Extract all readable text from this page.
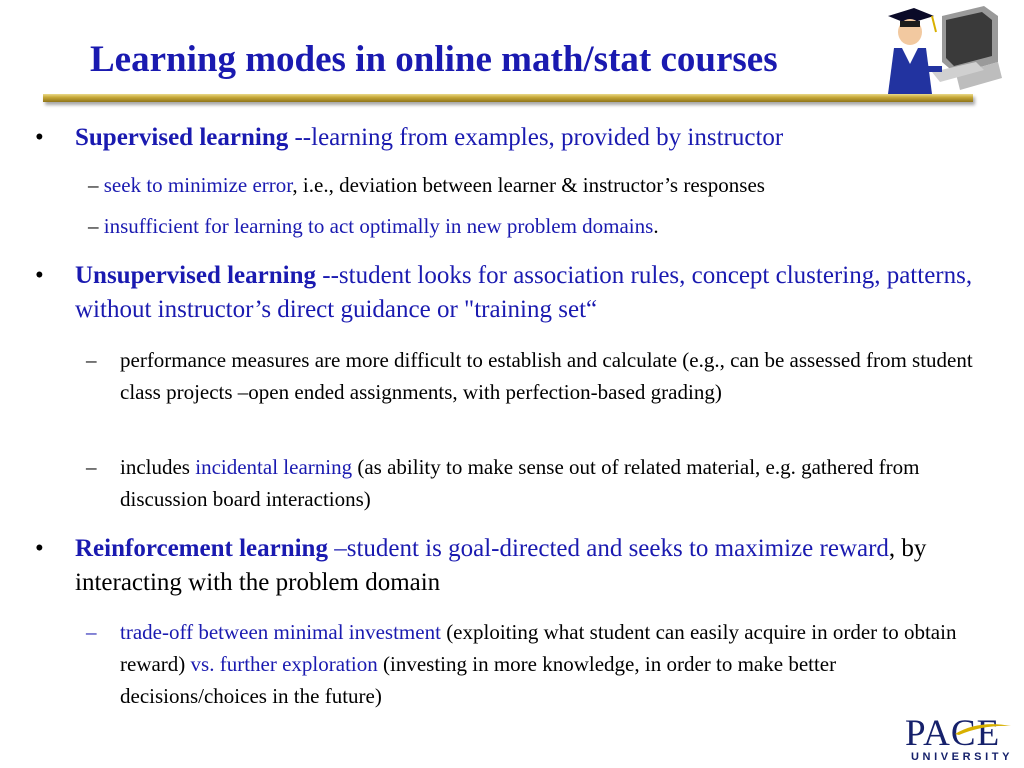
Learning modes in online math/stat courses
• Supervised learning --learning from examples, provided by instructor
– seek to minimize error, i.e., deviation between learner & instructor’s responses
– insufficient for learning to act optimally in new problem domains.
• Unsupervised learning --student looks for association rules, concept clustering, patterns, without instructor’s direct guidance or "training set“
– performance measures are more difficult to establish and calculate (e.g., can be assessed from student class projects –open ended assignments, with perfection-based grading)
– includes incidental learning (as ability to make sense out of related material, e.g. gathered from discussion board interactions)
• Reinforcement learning –student is goal-directed and seeks to maximize reward, by interacting with the problem domain
– trade-off between minimal investment (exploiting what student can easily acquire in order to obtain reward) vs. further exploration (investing in more knowledge, in order to make better decisions/choices in the future)
PACE
UNIVERSITY
